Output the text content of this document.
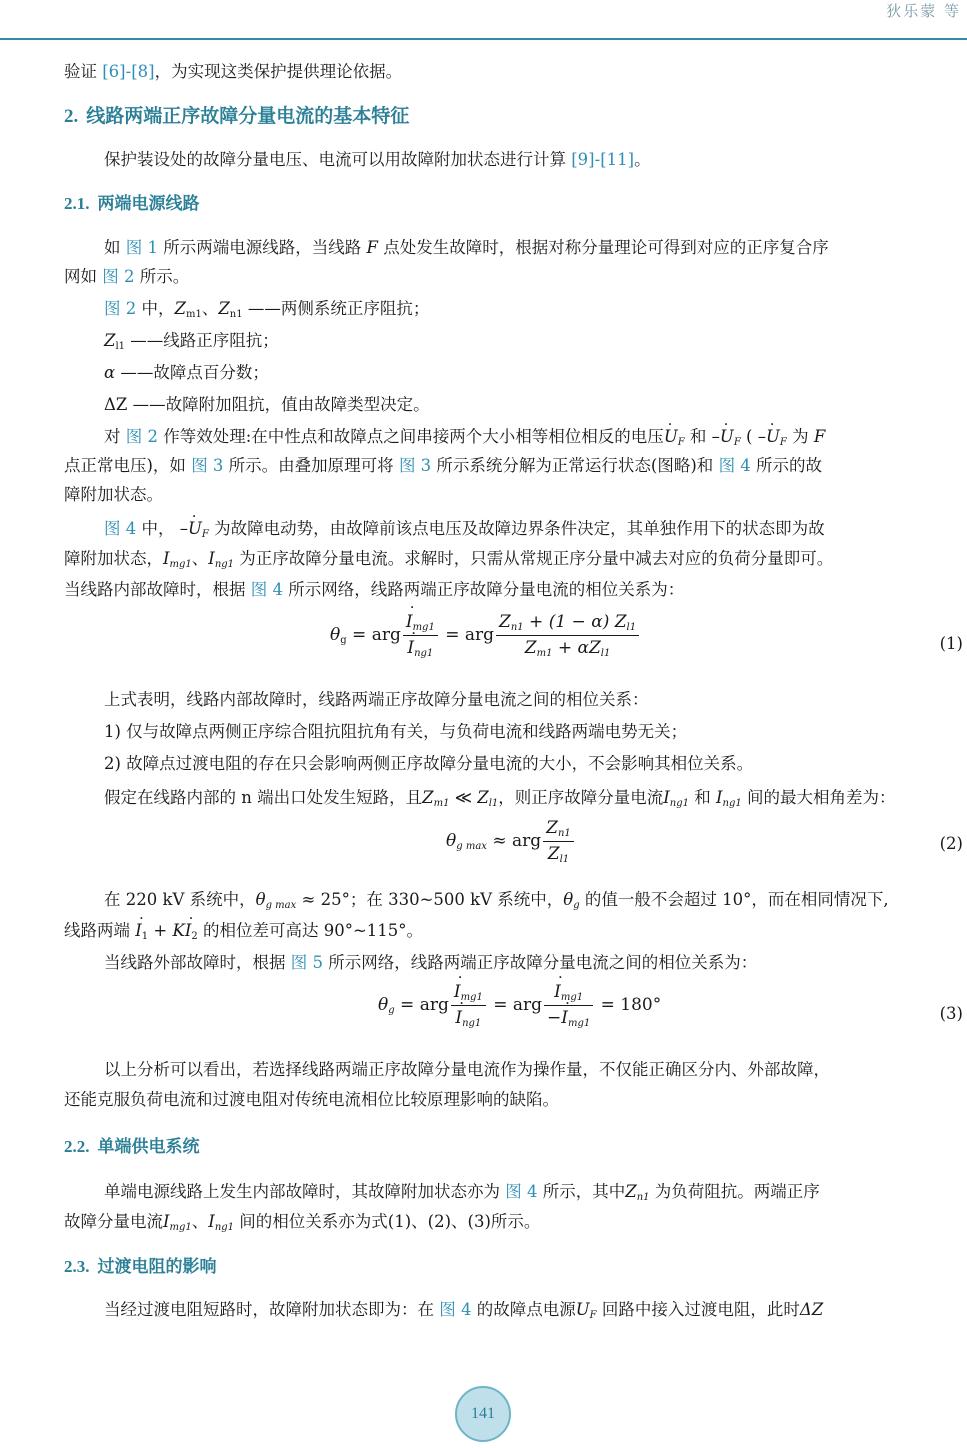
狄乐蒙 等
验证 [6]-[8]，为实现这类保护提供理论依据。
2. 线路两端正序故障分量电流的基本特征
保护装设处的故障分量电压、电流可以用故障附加状态进行计算 [9]-[11]。
2.1. 两端电源线路
如 图 1 所示两端电源线路，当线路 F 点处发生故障时，根据对称分量理论可得到对应的正序复合序
网如 图 2 所示。
图 2 中，$Z_{m1}$、$Z_{n1}$ ——两侧系统正序阻抗；
$Z_{l1}$ ——线路正序阻抗；
α ——故障点百分数；
ΔZ ——故障附加阻抗，值由故障类型决定。
对 图 2 作等效处理:在中性点和故障点之间串接两个大小相等相位相反的电压U $˙_F$ 和 –U $˙_F$ ( –U $˙_F$ 为 F
点正常电压)，如 图 3 所示。由叠加原理可将 图 3 所示系统分解为正常运行状态(图略)和 图 4 所示的故
障附加状态。
图 4 中， –U $˙_F$ 为故障电动势，由故障前该点电压及故障边界条件决定，其单独作用下的状态即为故
障附加状态，$I_{mg1}$、$I_{ng1}$ 为正序故障分量电流。求解时，只需从常规正序分量中减去对应的负荷分量即可。
当线路内部故障时，根据 图 4 所示网络，线路两端正序故障分量电流的相位关系为：
$\theta_g$ = arg $\frac{I ˙_{mg1}}{I ˙_{ng1}}$ = arg $\frac{Z_{n1} + (1 - \alpha) Z_{l1}}{Z_{m1} + \alpha Z_{l1}}$	(1)
上式表明，线路内部故障时，线路两端正序故障分量电流之间的相位关系：
1) 仅与故障点两侧正序综合阻抗阻抗角有关，与负荷电流和线路两端电势无关；
2) 故障点过渡电阻的存在只会影响两侧正序故障分量电流的大小，不会影响其相位关系。
假定在线路内部的 n 端出口处发生短路，且$Z_{m1}$ ≪ $Z_{l1}$，则正序故障分量电流$I_{ng1}$ 和 $I_{ng1}$ 间的最大相角差为：
$\theta_{g max}$ ≈ arg $\frac{Z_{n1}}{Z_{l1}}$	(2)
在 220 kV 系统中，$\theta_{g max} \approx 25^\circ$；在 330~500 kV 系统中，$\theta_g$ 的值一般不会超过 10°，而在相同情况下,
线路两端 I $˙_1$ + KI $˙_2$ 的相位差可高达 90°~115°。
当线路外部故障时，根据 图 5 所示网络，线路两端正序故障分量电流之间的相位关系为：
$\theta_g$ = arg $\frac{I ˙_{mg1}}{I ˙_{ng1}}$ = arg $\frac{I ˙_{mg1}}{-I ˙_{mg1}} = 180^\circ$	(3)
以上分析可以看出，若选择线路两端正序故障分量电流作为操作量，不仅能正确区分内、外部故障，
还能克服负荷电流和过渡电阻对传统电流相位比较原理影响的缺陷。
2.2. 单端供电系统
单端电源线路上发生内部故障时，其故障附加状态亦为 图 4 所示，其中$Z_{n1}$ 为负荷阻抗。两端正序
故障分量电流$I_{mg1}$、$I_{ng1}$ 间的相位关系亦为式(1)、(2)、(3)所示。
2.3. 过渡电阻的影响
当经过渡电阻短路时，故障附加状态即为：在 图 4 的故障点电源$U_F$ 回路中接入过渡电阻，此时ΔZ
141
